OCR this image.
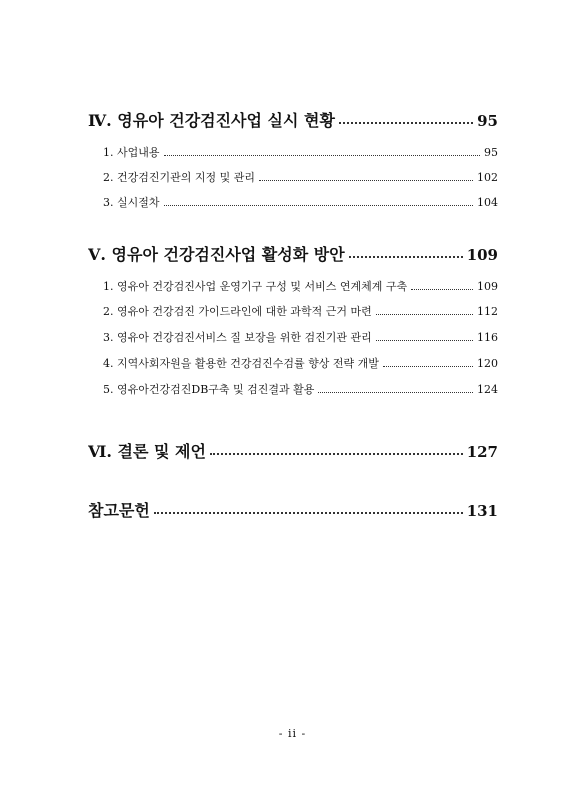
Ⅳ. 영유아 건강검진사업 실시 현황	95
1. 사업내용	95
2. 건강검진기관의 지정 및 관리	102
3. 실시절차	104
Ⅴ. 영유아 건강검진사업 활성화 방안	109
1. 영유아 건강검진사업 운영기구 구성 및 서비스 연계체계 구축	109
2. 영유아 건강검진 가이드라인에 대한 과학적 근거 마련	112
3. 영유아 건강검진서비스 질 보장을 위한 검진기관 관리	116
4. 지역사회자원을 활용한 건강검진수검률 향상 전략 개발	120
5. 영유아건강검진DB구축 및 검진결과 활용	124
Ⅵ. 결론 및 제언	127
참고문헌	131
- ii -
